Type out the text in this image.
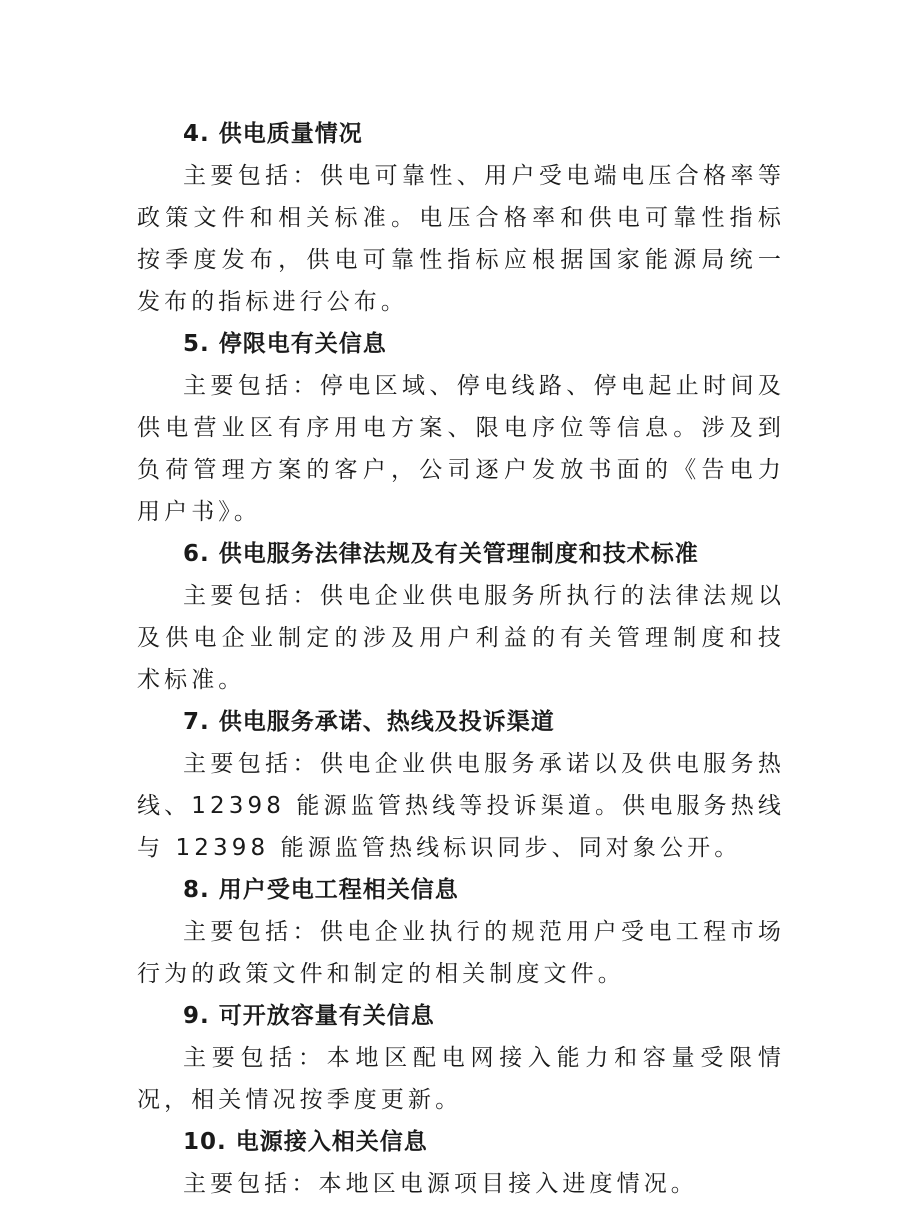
4. 供电质量情况

主要包括：供电可靠性、用户受电端电压合格率等政策文件和相关标准。电压合格率和供电可靠性指标按季度发布，供电可靠性指标应根据国家能源局统一发布的指标进行公布。

5. 停限电有关信息

主要包括：停电区域、停电线路、停电起止时间及供电营业区有序用电方案、限电序位等信息。涉及到负荷管理方案的客户，公司逐户发放书面的《告电力用户书》。

6. 供电服务法律法规及有关管理制度和技术标准

主要包括：供电企业供电服务所执行的法律法规以及供电企业制定的涉及用户利益的有关管理制度和技术标准。

7. 供电服务承诺、热线及投诉渠道

主要包括：供电企业供电服务承诺以及供电服务热线、12398 能源监管热线等投诉渠道。供电服务热线与 12398 能源监管热线标识同步、同对象公开。

8. 用户受电工程相关信息

主要包括：供电企业执行的规范用户受电工程市场行为的政策文件和制定的相关制度文件。

9. 可开放容量有关信息

主要包括：本地区配电网接入能力和容量受限情况，相关情况按季度更新。

10. 电源接入相关信息

主要包括：本地区电源项目接入进度情况。
